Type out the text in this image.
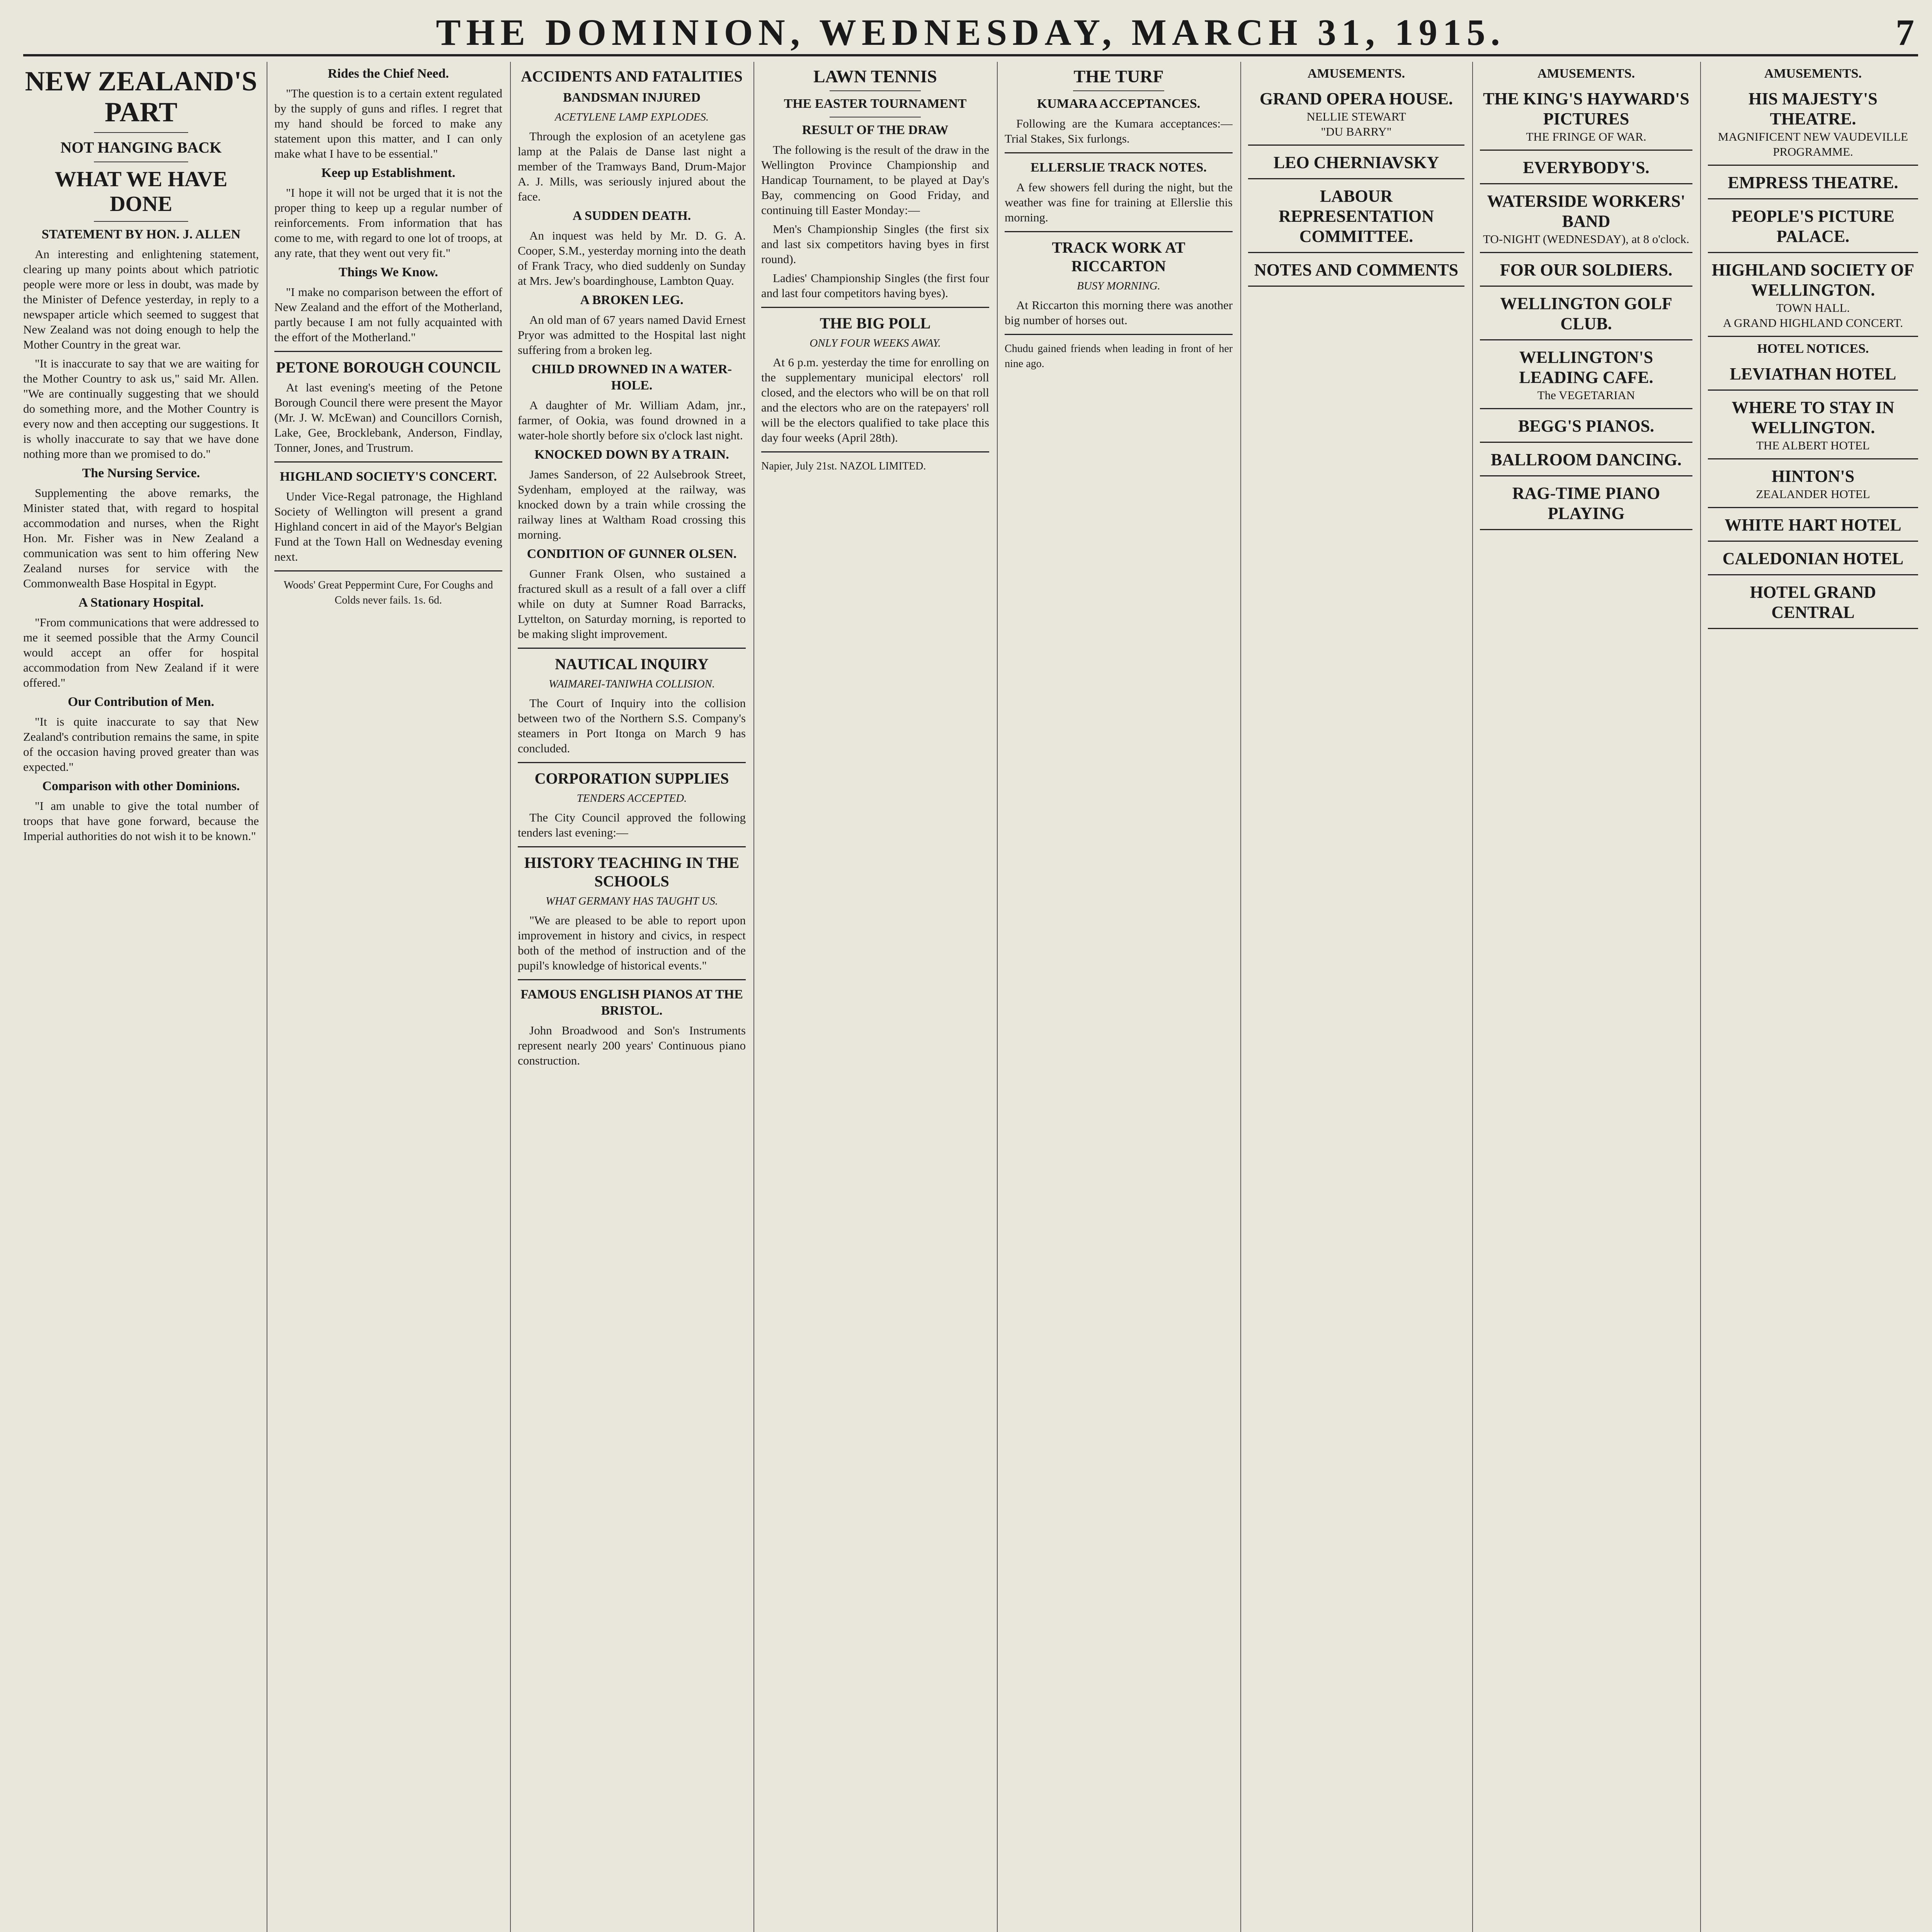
THE DOMINION, WEDNESDAY, MARCH 31, 1915.	7
NEW ZEALAND'S PART
NOT HANGING BACK
WHAT WE HAVE DONE
STATEMENT BY HON. J. ALLEN

An interesting and enlightening statement, clearing up many points about which patriotic people were more or less in doubt, was made by the Minister of Defence yesterday, in reply to a newspaper article which seemed to suggest that New Zealand was not doing enough to help the Mother Country in the great war.

"It is inaccurate to say that we are waiting for the Mother Country to ask us," said Mr. Allen. "We are continually suggesting that we should do something more, and the Mother Country is every now and then accepting our suggestions. It is wholly inaccurate to say that we have done nothing more than we promised to do."

The Nursing Service.

Supplementing the above remarks, the Minister stated that, with regard to hospital accommodation and nurses, when the Right Hon. Mr. Fisher was in New Zealand a communication was sent to him offering New Zealand nurses for service with the Commonwealth Base Hospital in Egypt.

A Stationary Hospital.

"From communications that were addressed to me it seemed possible that the Army Council would accept an offer for hospital accommodation from New Zealand if it were offered."

Our Contribution of Men.

"It is quite inaccurate to say that New Zealand's contribution remains the same, in spite of the occasion having proved greater than was expected."

Comparison with other Dominions.

"I am unable to give the total number of troops that have gone forward, because the Imperial authorities do not wish it to be known."

Rides the Chief Need.

"The question is to a certain extent regulated by the supply of guns and rifles. I regret that my hand should be forced to make any statement upon this matter, and I can only make what I have to be essential."

Keep up Establishment.

"I hope it will not be urged that it is not the proper thing to keep up a regular number of reinforcements. From information that has come to me, with regard to one lot of troops, at any rate, that they went out very fit."

Things We Know.

"I make no comparison between the effort of New Zealand and the effort of the Motherland, partly because I am not fully acquainted with the effort of the Motherland."

PETONE BOROUGH COUNCIL

At last evening's meeting of the Petone Borough Council there were present the Mayor (Mr. J. W. McEwan) and Councillors Cornish, Lake, Gee, Brocklebank, Anderson, Findlay, Tonner, Jones, and Trustrum.

HIGHLAND SOCIETY'S CONCERT.

Under Vice-Regal patronage, the Highland Society of Wellington will present a grand Highland concert in aid of the Mayor's Belgian Fund at the Town Hall on Wednesday evening next.

Woods' Great Peppermint Cure, For Coughs and Colds never fails. 1s. 6d.
ACCIDENTS AND FATALITIES
BANDSMAN INJURED
ACETYLENE LAMP EXPLODES.

Through the explosion of an acetylene gas lamp at the Palais de Danse last night a member of the Tramways Band, Drum-Major A. J. Mills, was seriously injured about the face.

A SUDDEN DEATH.

An inquest was held by Mr. D. G. A. Cooper, S.M., yesterday morning into the death of Frank Tracy, who died suddenly on Sunday at Mrs. Jew's boardinghouse, Lambton Quay.

A BROKEN LEG.

An old man of 67 years named David Ernest Pryor was admitted to the Hospital last night suffering from a broken leg.

CHILD DROWNED IN A WATER-HOLE.

A daughter of Mr. William Adam, jnr., farmer, of Ookia, was found drowned in a water-hole shortly before six o'clock last night.

KNOCKED DOWN BY A TRAIN.

James Sanderson, of 22 Aulsebrook Street, Sydenham, employed at the railway, was knocked down by a train while crossing the railway lines at Waltham Road crossing this morning.

CONDITION OF GUNNER OLSEN.

Gunner Frank Olsen, who sustained a fractured skull as a result of a fall over a cliff while on duty at Sumner Road Barracks, Lyttelton, on Saturday morning, is reported to be making slight improvement.

NAUTICAL INQUIRY
WAIMAREI-TANIWHA COLLISION.

The Court of Inquiry into the collision between two of the Northern S.S. Company's steamers in Port Itonga on March 9 has concluded.

CORPORATION SUPPLIES
TENDERS ACCEPTED.

The City Council approved the following tenders last evening:—

HISTORY TEACHING IN THE SCHOOLS
WHAT GERMANY HAS TAUGHT US.

"We are pleased to be able to report upon improvement in history and civics, in respect both of the method of instruction and of the pupil's knowledge of historical events."

FAMOUS ENGLISH PIANOS AT THE BRISTOL.

John Broadwood and Son's Instruments represent nearly 200 years' Continuous piano construction.

LAWN TENNIS
THE EASTER TOURNAMENT
RESULT OF THE DRAW

The following is the result of the draw in the Wellington Province Championship and Handicap Tournament, to be played at Day's Bay, commencing on Good Friday, and continuing till Easter Monday:—

Men's Championship Singles (the first six and last six competitors having byes in first round).

Ladies' Championship Singles (the first four and last four competitors having byes).

THE BIG POLL
ONLY FOUR WEEKS AWAY.

At 6 p.m. yesterday the time for enrolling on the supplementary municipal electors' roll closed, and the electors who will be on that roll and the electors who are on the ratepayers' roll will be the electors qualified to take place this day four weeks (April 28th).

Napier, July 21st. NAZOL LIMITED.
THE TURF
KUMARA ACCEPTANCES.

Following are the Kumara acceptances:— Trial Stakes, Six furlongs.

ELLERSLIE TRACK NOTES.

A few showers fell during the night, but the weather was fine for training at Ellerslie this morning.

TRACK WORK AT RICCARTON
BUSY MORNING.

At Riccarton this morning there was another big number of horses out.

Chudu gained friends when leading in front of her nine ago.
AMUSEMENTS.
GRAND OPERA HOUSE.
NELLIE STEWART
"DU BARRY"
LEO CHERNIAVSKY
LABOUR REPRESENTATION COMMITTEE.
NOTES AND COMMENTS
AMUSEMENTS.
THE KING'S HAYWARD'S PICTURES
THE FRINGE OF WAR.
EVERYBODY'S.
WATERSIDE WORKERS' BAND
TO-NIGHT (WEDNESDAY), at 8 o'clock.
FOR OUR SOLDIERS.
WELLINGTON GOLF CLUB.
WELLINGTON'S LEADING CAFE.
The VEGETARIAN
BEGG'S PIANOS.
BALLROOM DANCING.
RAG-TIME PIANO PLAYING
AMUSEMENTS.
HIS MAJESTY'S THEATRE.
MAGNIFICENT NEW VAUDEVILLE PROGRAMME.
EMPRESS THEATRE.
PEOPLE'S PICTURE PALACE.
HIGHLAND SOCIETY OF WELLINGTON.
TOWN HALL.
A GRAND HIGHLAND CONCERT.
HOTEL NOTICES.
LEVIATHAN HOTEL
WHERE TO STAY IN WELLINGTON.
THE ALBERT HOTEL
HINTON'S
ZEALANDER HOTEL
WHITE HART HOTEL
CALEDONIAN HOTEL
HOTEL GRAND CENTRAL
